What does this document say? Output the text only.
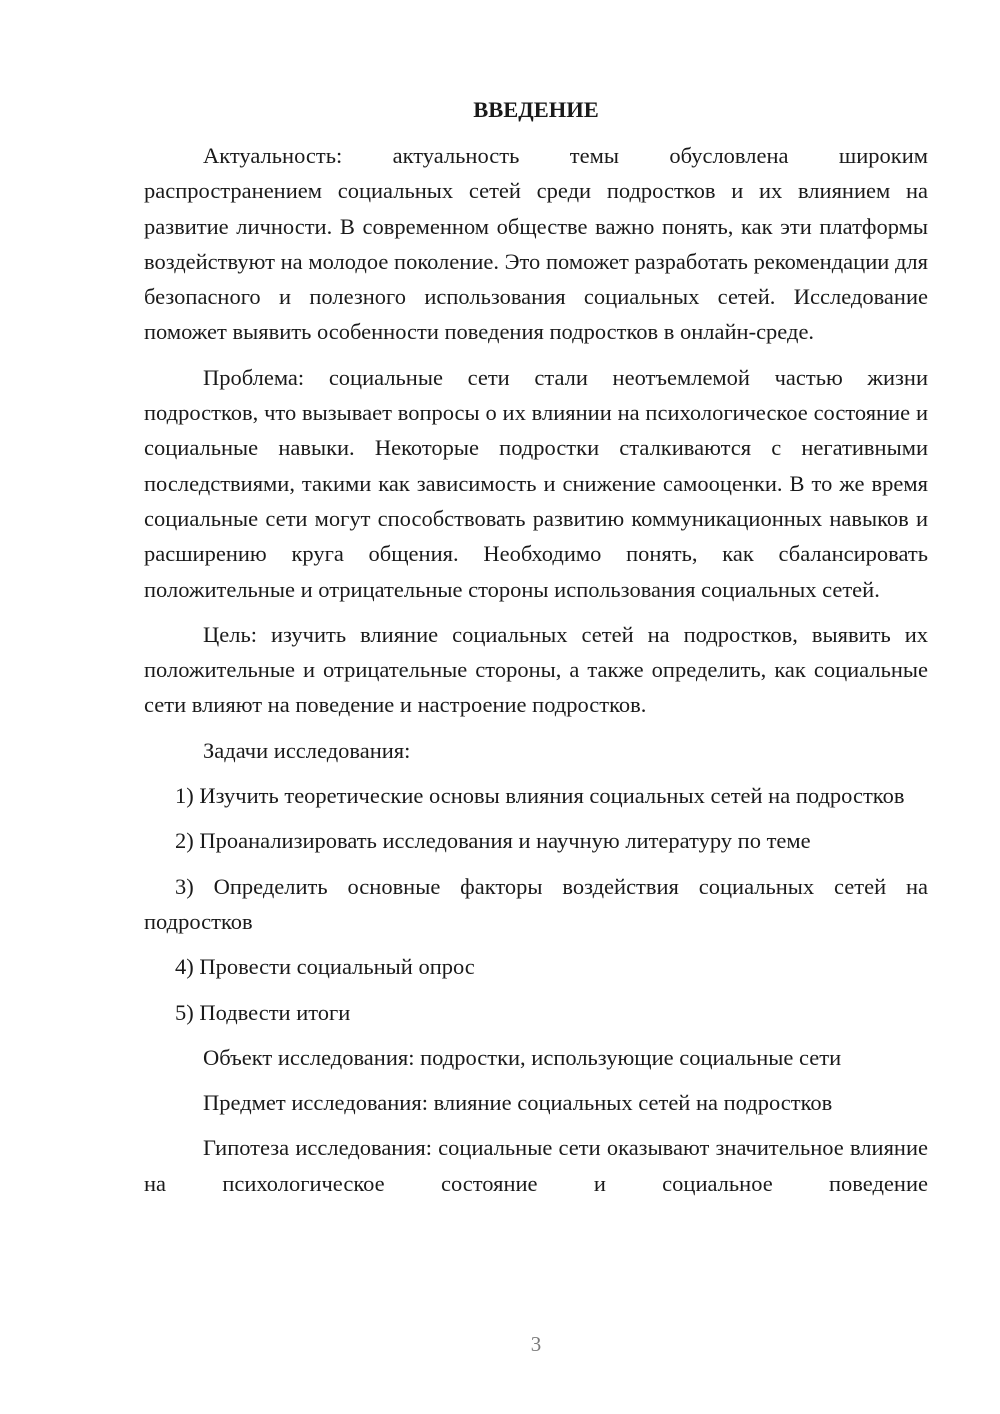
ВВЕДЕНИЕ

Актуальность: актуальность темы обусловлена широким распространением социальных сетей среди подростков и их влиянием на развитие личности. В современном обществе важно понять, как эти платформы воздействуют на молодое поколение. Это поможет разработать рекомендации для безопасного и полезного использования социальных сетей. Исследование поможет выявить особенности поведения подростков в онлайн-среде.

Проблема: социальные сети стали неотъемлемой частью жизни подростков, что вызывает вопросы о их влиянии на психологическое состояние и социальные навыки. Некоторые подростки сталкиваются с негативными последствиями, такими как зависимость и снижение самооценки. В то же время социальные сети могут способствовать развитию коммуникационных навыков и расширению круга общения. Необходимо понять, как сбалансировать положительные и отрицательные стороны использования социальных сетей.

Цель: изучить влияние социальных сетей на подростков, выявить их положительные и отрицательные стороны, а также определить, как социальные сети влияют на поведение и настроение подростков.

Задачи исследования:

1) Изучить теоретические основы влияния социальных сетей на подростков

2) Проанализировать исследования и научную литературу по теме

3) Определить основные факторы воздействия социальных сетей на подростков

4) Провести социальный опрос

5) Подвести итоги

Объект исследования: подростки, использующие социальные сети

Предмет исследования: влияние социальных сетей на подростков

Гипотеза исследования: социальные сети оказывают значительное влияние на психологическое состояние и социальное поведение

3
